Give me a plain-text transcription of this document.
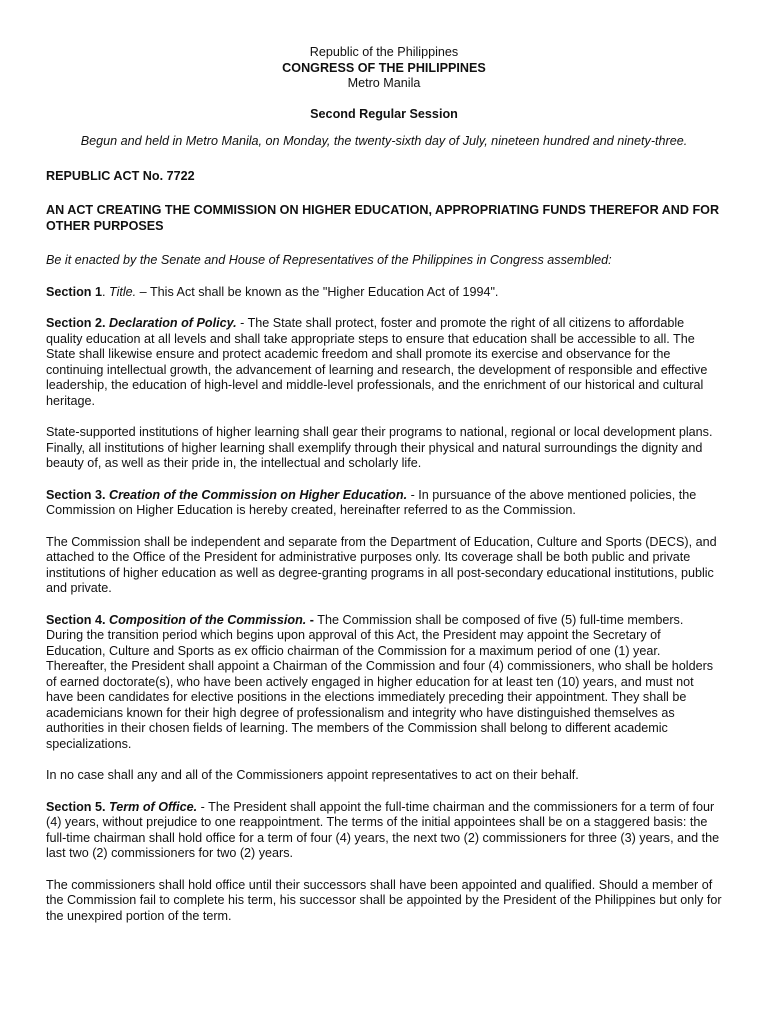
Republic of the Philippines

CONGRESS OF THE PHILIPPINES

Metro Manila

Second Regular Session

Begun and held in Metro Manila, on Monday, the twenty-sixth day of July, nineteen hundred and ninety-three.

REPUBLIC ACT No. 7722

AN ACT CREATING THE COMMISSION ON HIGHER EDUCATION, APPROPRIATING FUNDS THEREFOR AND FOR OTHER PURPOSES

Be it enacted by the Senate and House of Representatives of the Philippines in Congress assembled:

Section 1. Title. – This Act shall be known as the "Higher Education Act of 1994".

Section 2. Declaration of Policy. - The State shall protect, foster and promote the right of all citizens to affordable quality education at all levels and shall take appropriate steps to ensure that education shall be accessible to all. The State shall likewise ensure and protect academic freedom and shall promote its exercise and observance for the continuing intellectual growth, the advancement of learning and research, the development of responsible and effective leadership, the education of high-level and middle-level professionals, and the enrichment of our historical and cultural heritage.

State-supported institutions of higher learning shall gear their programs to national, regional or local development plans. Finally, all institutions of higher learning shall exemplify through their physical and natural surroundings the dignity and beauty of, as well as their pride in, the intellectual and scholarly life.

Section 3. Creation of the Commission on Higher Education. - In pursuance of the above mentioned policies, the Commission on Higher Education is hereby created, hereinafter referred to as the Commission.

The Commission shall be independent and separate from the Department of Education, Culture and Sports (DECS), and attached to the Office of the President for administrative purposes only. Its coverage shall be both public and private institutions of higher education as well as degree-granting programs in all post-secondary educational institutions, public and private.

Section 4. Composition of the Commission. - The Commission shall be composed of five (5) full-time members. During the transition period which begins upon approval of this Act, the President may appoint the Secretary of Education, Culture and Sports as ex officio chairman of the Commission for a maximum period of one (1) year. Thereafter, the President shall appoint a Chairman of the Commission and four (4) commissioners, who shall be holders of earned doctorate(s), who have been actively engaged in higher education for at least ten (10) years, and must not have been candidates for elective positions in the elections immediately preceding their appointment. They shall be academicians known for their high degree of professionalism and integrity who have distinguished themselves as authorities in their chosen fields of learning. The members of the Commission shall belong to different academic specializations.

In no case shall any and all of the Commissioners appoint representatives to act on their behalf.

Section 5. Term of Office. - The President shall appoint the full-time chairman and the commissioners for a term of four (4) years, without prejudice to one reappointment. The terms of the initial appointees shall be on a staggered basis: the full-time chairman shall hold office for a term of four (4) years, the next two (2) commissioners for three (3) years, and the last two (2) commissioners for two (2) years.

The commissioners shall hold office until their successors shall have been appointed and qualified. Should a member of the Commission fail to complete his term, his successor shall be appointed by the President of the Philippines but only for the unexpired portion of the term.
